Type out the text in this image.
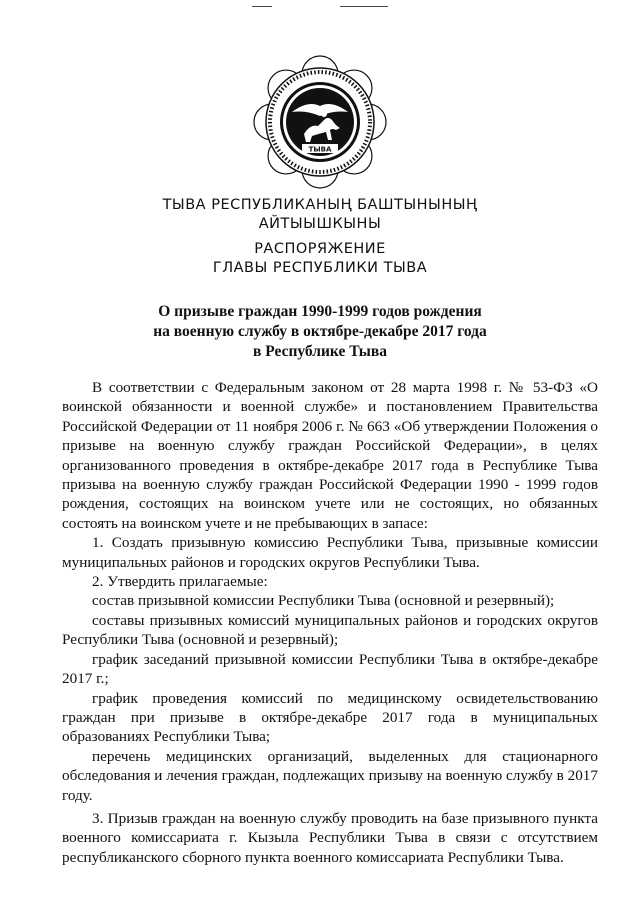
ТЫВА
ТЫВА РЕСПУБЛИКАНЫҢ БАШТЫНЫНЫҢ
АЙТЫЫШКЫНЫ
РАСПОРЯЖЕНИЕ
ГЛАВЫ РЕСПУБЛИКИ ТЫВА
О призыве граждан 1990-1999 годов рождения
на военную службу в октябре-декабре 2017 года
в Республике Тыва

В соответствии с Федеральным законом от 28 марта 1998 г. № 53-ФЗ «О воинской обязанности и военной службе» и постановлением Правительства Российской Федерации от 11 ноября 2006 г. № 663 «Об утверждении Положения о призыве на военную службу граждан Российской Федерации», в целях организованного проведения в октябре-декабре 2017 года в Республике Тыва призыва на военную службу граждан Российской Федерации 1990 - 1999 годов рождения, состоящих на воинском учете или не состоящих, но обязанных состоять на воинском учете и не пребывающих в запасе:

1. Создать призывную комиссию Республики Тыва, призывные комиссии муниципальных районов и городских округов Республики Тыва.

2. Утвердить прилагаемые:

состав призывной комиссии Республики Тыва (основной и резервный);

составы призывных комиссий муниципальных районов и городских округов Республики Тыва (основной и резервный);

график заседаний призывной комиссии Республики Тыва в октябре-декабре 2017 г.;

график проведения комиссий по медицинскому освидетельствованию граждан при призыве в октябре-декабре 2017 года в муниципальных образованиях Республики Тыва;

перечень медицинских организаций, выделенных для стационарного обследования и лечения граждан, подлежащих призыву на военную службу в 2017 году.

3. Призыв граждан на военную службу проводить на базе призывного пункта военного комиссариата г. Кызыла Республики Тыва в связи с отсутствием республиканского сборного пункта военного комиссариата Республики Тыва.
